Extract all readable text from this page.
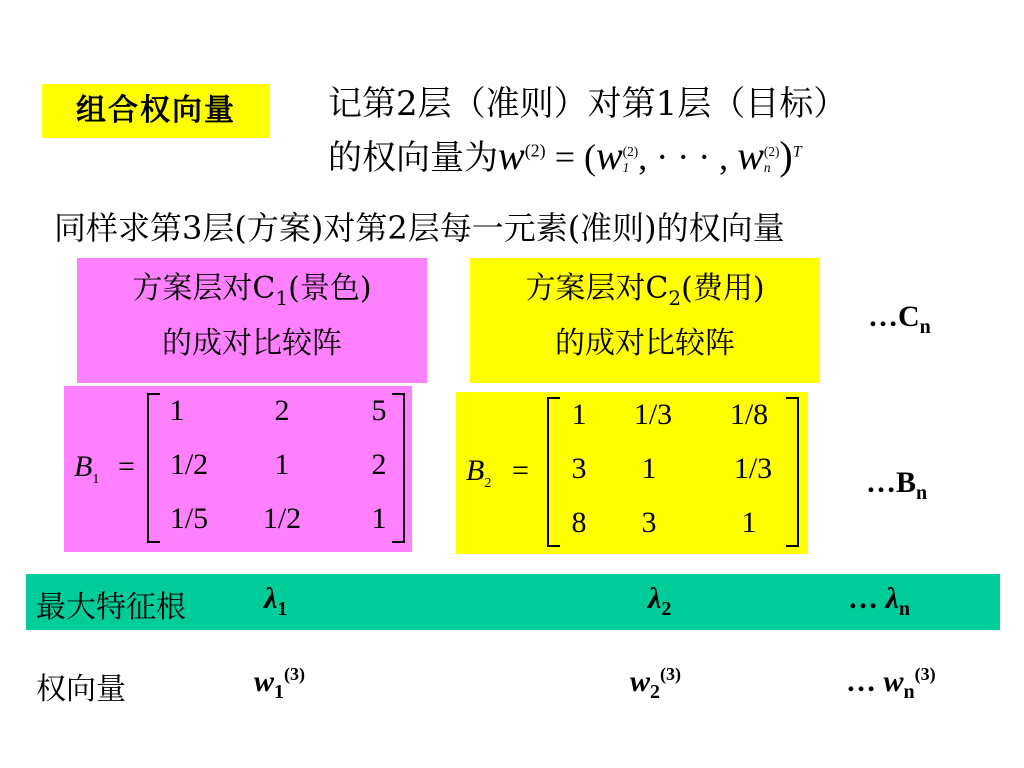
组合权向量	记第2层（准则）对第1层（目标）
的权向量为$w^{(2)} = (w$ (2)
1 , · · · , w (2)
n )$^T$
同样求第3层(方案)对第2层每一元素(准则)的权向量
方案层对$C_1$(景色)
的成对比较阵
方案层对$C_2$(费用)
的成对比较阵
$\dots C_n$
$B_1$ =
1	2	5
1/2	1	2
1/5	1/2	1
$B_2$ =
1	1/3	1/8
3	1	1/3
8	3	1
$\dots B_n$
最大特征根	$\lambda_1$	$\lambda_2$	… $\lambda_n$
权向量	$w_1^{(3)}$	$w_2^{(3)}$	… $w_n^{(3)}$
